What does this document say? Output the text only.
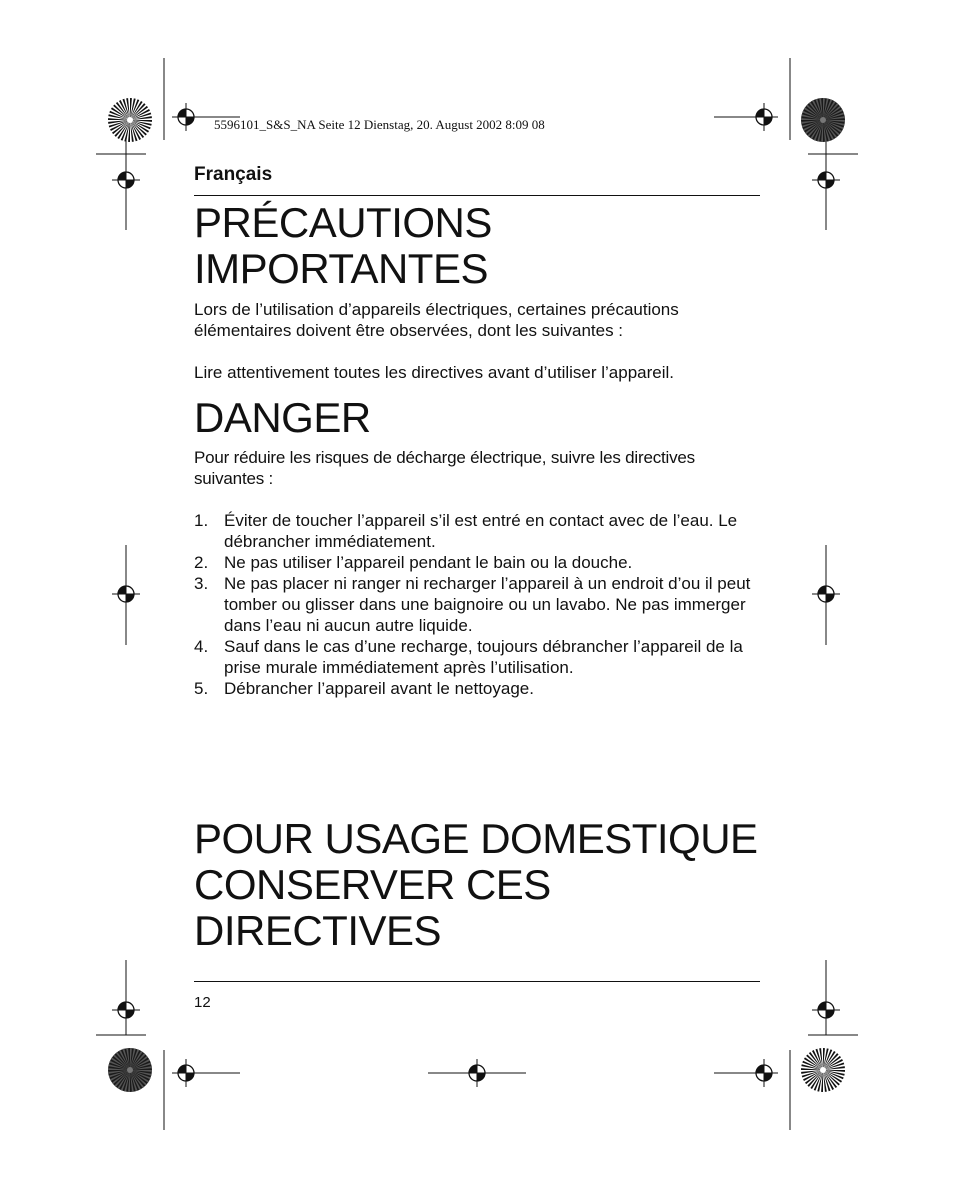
5596101_S&S_NA Seite 12 Dienstag, 20. August 2002 8:09 08
Français
PRÉCAUTIONS
IMPORTANTES
Lors de l’utilisation d’appareils électriques, certaines précautions élémentaires doivent être observées, dont les suivantes :
Lire attentivement toutes les directives avant d’utiliser l’appareil.
DANGER
Pour réduire les risques de décharge électrique, suivre les directives suivantes :
1. Éviter de toucher l’appareil s’il est entré en contact avec de l’eau. Le débrancher immédiatement.
2. Ne pas utiliser l’appareil pendant le bain ou la douche.
3. Ne pas placer ni ranger ni recharger l’appareil à un endroit d’ou il peut tomber ou glisser dans une baignoire ou un lavabo. Ne pas immerger dans l’eau ni aucun autre liquide.
4. Sauf dans le cas d’une recharge, toujours débrancher l’appareil de la prise murale immédiatement après l’utilisation.
5. Débrancher l’appareil avant le nettoyage.
POUR USAGE DOMESTIQUE
CONSERVER CES
DIRECTIVES
12
